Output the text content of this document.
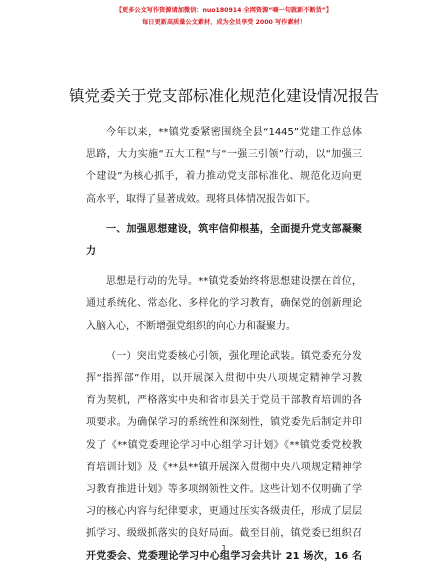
【更多公文写作资源请加微信：nuo180914 全网资源“嘀一句就新不断货”】
每日更新高质量公文素材，成为会员享受 2000 写作素材！
镇党委关于党支部标准化规范化建设情况报告
今年以来，**镇党委紧密围绕全县“1445”党建工作总体
思路，大力实施“五大工程”与“一强三引领”行动，以“加强三
个建设”为核心抓手，着力推动党支部标准化、规范化迈向更
高水平，取得了显著成效。现将具体情况报告如下。
一、加强思想建设，筑牢信仰根基，全面提升党支部凝聚
力
思想是行动的先导。**镇党委始终将思想建设摆在首位，
通过系统化、常态化、多样化的学习教育，确保党的创新理论
入脑入心，不断增强党组织的向心力和凝聚力。
（一）突出党委核心引领，强化理论武装。镇党委充分发
挥“指挥部”作用，以开展深入贯彻中央八项规定精神学习教
育为契机，严格落实中央和省市县关于党员干部教育培训的各
项要求。为确保学习的系统性和深刻性，镇党委先后制定并印
发了《**镇党委理论学习中心组学习计划》《**镇党委党校教
育培训计划》及《**县**镇开展深入贯彻中央八项规定精神学
习教育推进计划》等多项纲领性文件。这些计划不仅明确了学
习的核心内容与纪律要求，更通过压实各级责任，形成了层层
抓学习、级级抓落实的良好局面。截至目前，镇党委已组织召
开党委会、党委理论学习中心组学习会共计 21 场次，16 名
1
